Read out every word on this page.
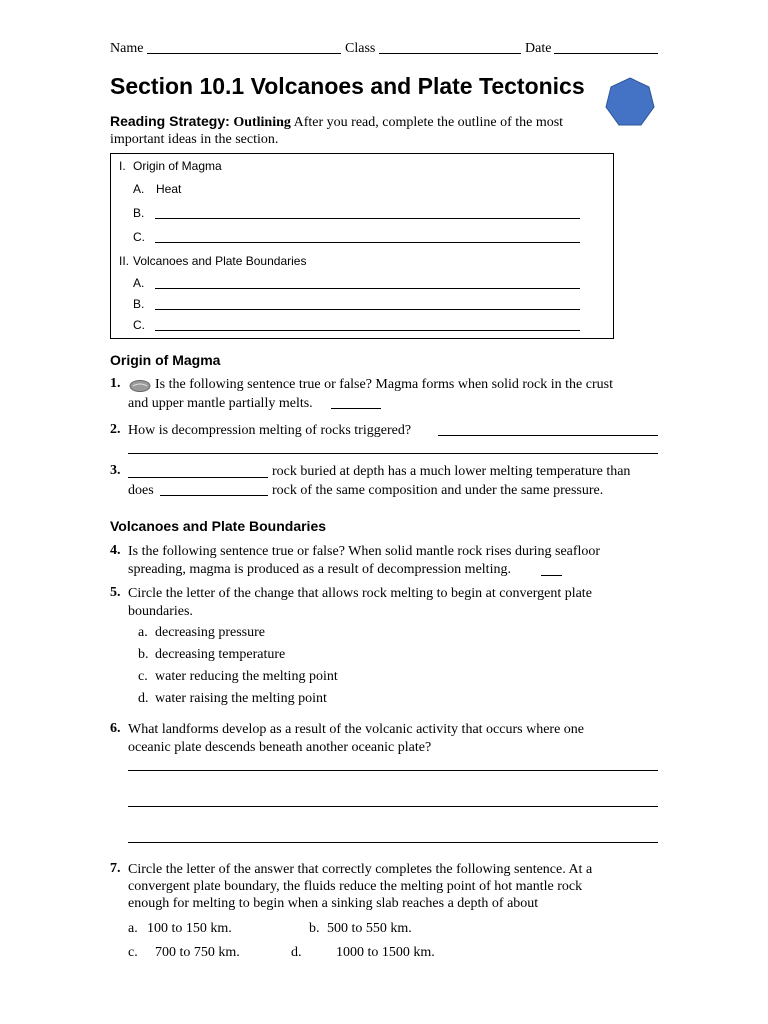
Name	Class	Date
Section 10.1 Volcanoes and Plate Tectonics
Reading Strategy: Outlining After you read, complete the outline of the most
important ideas in the section.
I. Origin of Magma
A. Heat
B.
C.
II. Volcanoes and Plate Boundaries
A.
B.
C.
Origin of Magma
1. Is the following sentence true or false? Magma forms when solid rock in the crust
and upper mantle partially melts.
2. How is decompression melting of rocks triggered?
3.	rock buried at depth has a much lower melting temperature than
does	rock of the same composition and under the same pressure.
Volcanoes and Plate Boundaries
4. Is the following sentence true or false? When solid mantle rock rises during seafloor
spreading, magma is produced as a result of decompression melting.
5. Circle the letter of the change that allows rock melting to begin at convergent plate
boundaries.
a. decreasing pressure
b. decreasing temperature
c. water reducing the melting point
d. water raising the melting point
6. What landforms develop as a result of the volcanic activity that occurs where one
oceanic plate descends beneath another oceanic plate?
7. Circle the letter of the answer that correctly completes the following sentence. At a
convergent plate boundary, the fluids reduce the melting point of hot mantle rock
enough for melting to begin when a sinking slab reaches a depth of about
a. 100 to 150 km.	b. 500 to 550 km.
c. 700 to 750 km.	d. 1000 to 1500 km.
